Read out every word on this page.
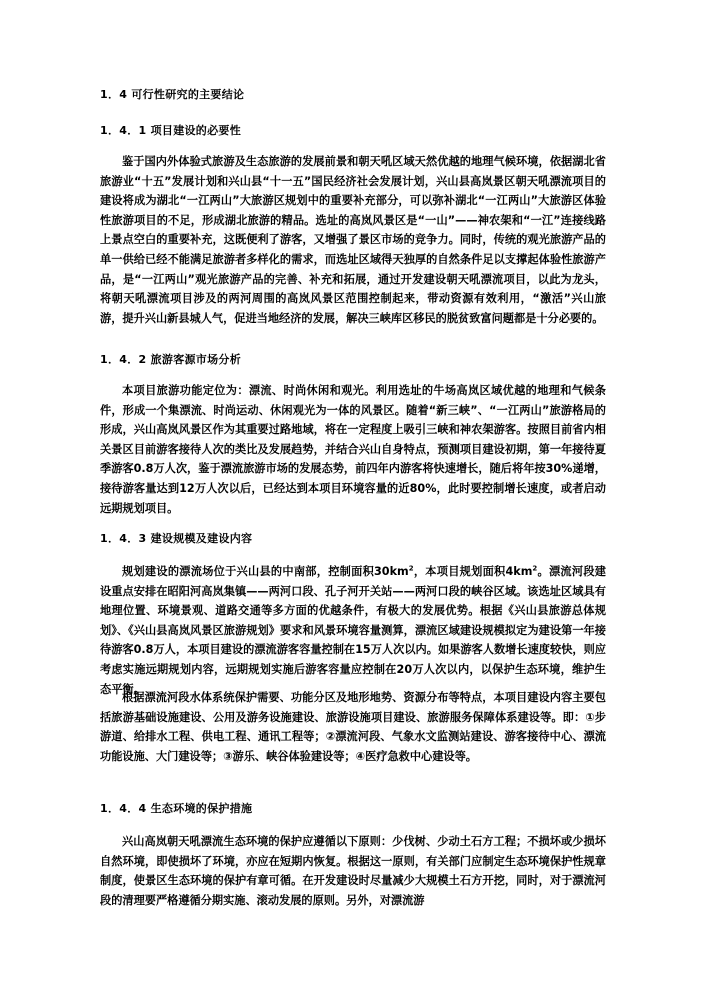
1．4 可行性研究的主要结论
1．4．1 项目建设的必要性

鉴于国内外体验式旅游及生态旅游的发展前景和朝天吼区域天然优越的地理气候环境，依据湖北省旅游业“十五”发展计划和兴山县“十一五”国民经济社会发展计划，兴山县高岚景区朝天吼漂流项目的建设将成为湖北“一江两山”大旅游区规划中的重要补充部分，可以弥补湖北“一江两山”大旅游区体验性旅游项目的不足，形成湖北旅游的精品。选址的高岚风景区是“一山”——神农架和“一江”连接线路上景点空白的重要补充，这既便利了游客，又增强了景区市场的竞争力。同时，传统的观光旅游产品的单一供给已经不能满足旅游者多样化的需求，而选址区域得天独厚的自然条件足以支撑起体验性旅游产品，是“一江两山”观光旅游产品的完善、补充和拓展，通过开发建设朝天吼漂流项目，以此为龙头，将朝天吼漂流项目涉及的两河周围的高岚风景区范围控制起来，带动资源有效利用，“激活”兴山旅游，提升兴山新县城人气，促进当地经济的发展，解决三峡库区移民的脱贫致富问题都是十分必要的。

1．4．2 旅游客源市场分析

本项目旅游功能定位为：漂流、时尚休闲和观光。利用选址的牛场高岚区域优越的地理和气候条件，形成一个集漂流、时尚运动、休闲观光为一体的风景区。随着“新三峡”、“一江两山”旅游格局的形成，兴山高岚风景区作为其重要过路地域，将在一定程度上吸引三峡和神农架游客。按照目前省内相关景区目前游客接待人次的类比及发展趋势，并结合兴山自身特点，预测项目建设初期，第一年接待夏季游客0.8万人次，鉴于漂流旅游市场的发展态势，前四年内游客将快速增长，随后将年按30%递增，接待游客量达到12万人次以后，已经达到本项目环境容量的近80%，此时要控制增长速度，或者启动远期规划项目。

1．4．3 建设规模及建设内容

规划建设的漂流场位于兴山县的中南部，控制面积$30km^2$，本项目规划面积$4km^2$。漂流河段建设重点安排在昭阳河高岚集镇——两河口段、孔子河开关站——两河口段的峡谷区域。该选址区域具有地理位置、环境景观、道路交通等多方面的优越条件，有极大的发展优势。根据《兴山县旅游总体规划》、《兴山县高岚风景区旅游规划》要求和风景环境容量测算，漂流区域建设规模拟定为建设第一年接待游客0.8万人，本项目建设的漂流游客容量控制在15万人次以内。如果游客人数增长速度较快，则应考虑实施远期规划内容，远期规划实施后游客容量应控制在20万人次以内，以保护生态环境，维护生态平衡。

根据漂流河段水体系统保护需要、功能分区及地形地势、资源分布等特点，本项目建设内容主要包括旅游基础设施建设、公用及游务设施建设、旅游设施项目建设、旅游服务保障体系建设等。即：①步游道、给排水工程、供电工程、通讯工程等；②漂流河段、气象水文监测站建设、游客接待中心、漂流功能设施、大门建设等；③游乐、峡谷体验建设等；④医疗急救中心建设等。

1．4．4 生态环境的保护措施

兴山高岚朝天吼漂流生态环境的保护应遵循以下原则：少伐树、少动土石方工程；不损坏或少损坏自然环境，即使损坏了环境，亦应在短期内恢复。根据这一原则，有关部门应制定生态环境保护性规章制度，使景区生态环境的保护有章可循。在开发建设时尽量减少大规模土石方开挖，同时，对于漂流河段的清理要严格遵循分期实施、滚动发展的原则。另外，对漂流游
